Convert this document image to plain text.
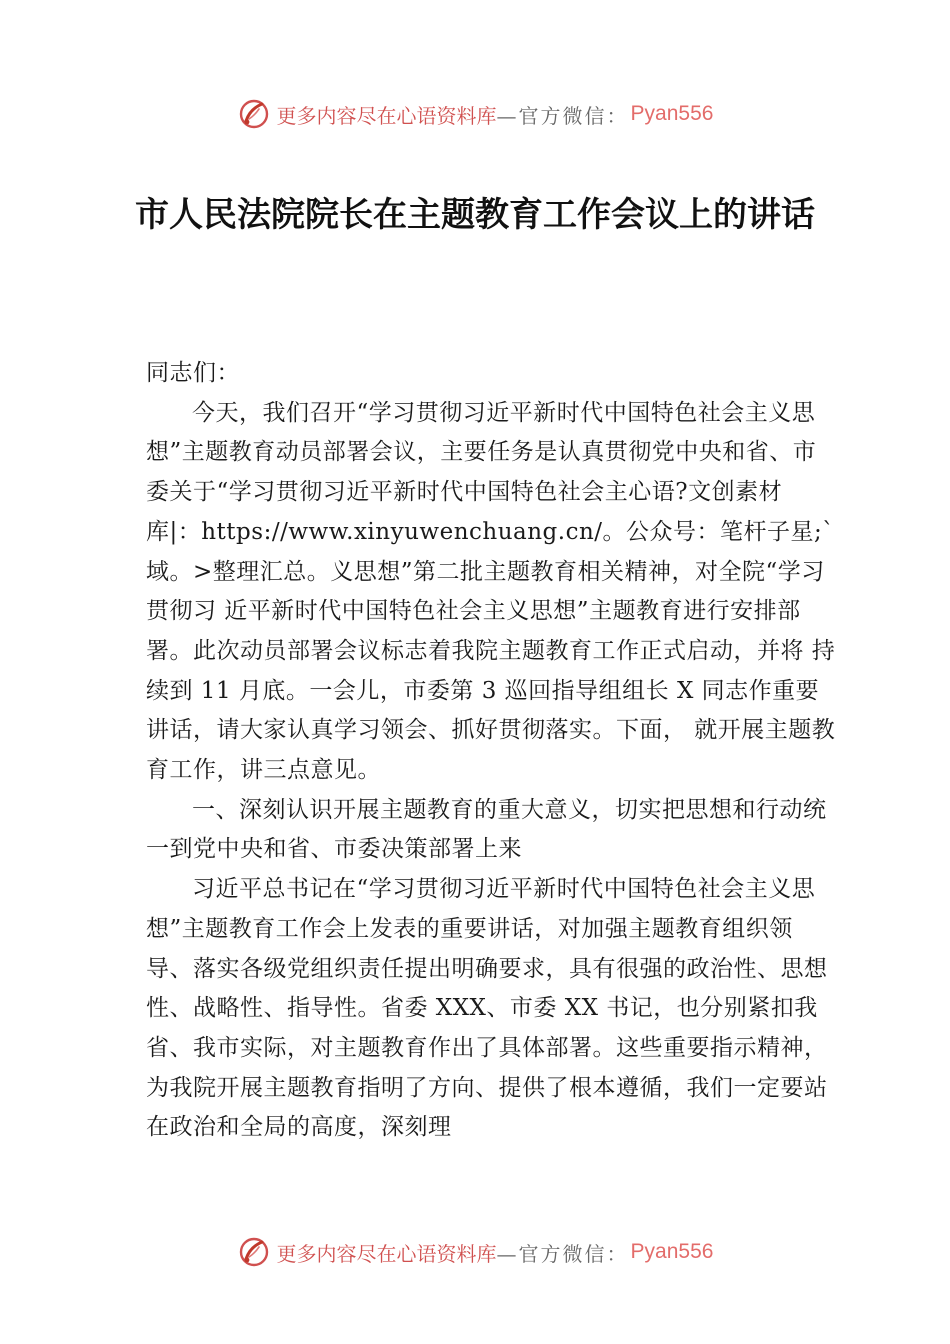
更多内容尽在心语资料库 —官方微信： Pyan556
市人民法院院长在主题教育工作会议上的讲话

同志们：

今天，我们召开“学习贯彻习近平新时代中国特色社会主义思想”主题教育动员部署会议，主要任务是认真贯彻党中央和省、市委关于“学习贯彻习近平新时代中国特色社会主心语?文创素材库|：https://www.xinyuwenchuang.cn/。公众号：笔杆子星;`域。>整理汇总。义思想”第二批主题教育相关精神，对全院“学习贯彻习 近平新时代中国特色社会主义思想”主题教育进行安排部署。此次动员部署会议标志着我院主题教育工作正式启动，并将 持续到 11 月底。一会儿，市委第 3 巡回指导组组长 X 同志作重要讲话，请大家认真学习领会、抓好贯彻落实。下面， 就开展主题教育工作，讲三点意见。

一、深刻认识开展主题教育的重大意义，切实把思想和行动统一到党中央和省、市委决策部署上来

习近平总书记在“学习贯彻习近平新时代中国特色社会主义思想”主题教育工作会上发表的重要讲话，对加强主题教育组织领导、落实各级党组织责任提出明确要求，具有很强的政治性、思想性、战略性、指导性。省委 XXX、市委 XX 书记，也分别紧扣我省、我市实际，对主题教育作出了具体部署。这些重要指示精神，为我院开展主题教育指明了方向、提供了根本遵循，我们一定要站在政治和全局的高度，深刻理

更多内容尽在心语资料库 —官方微信： Pyan556
